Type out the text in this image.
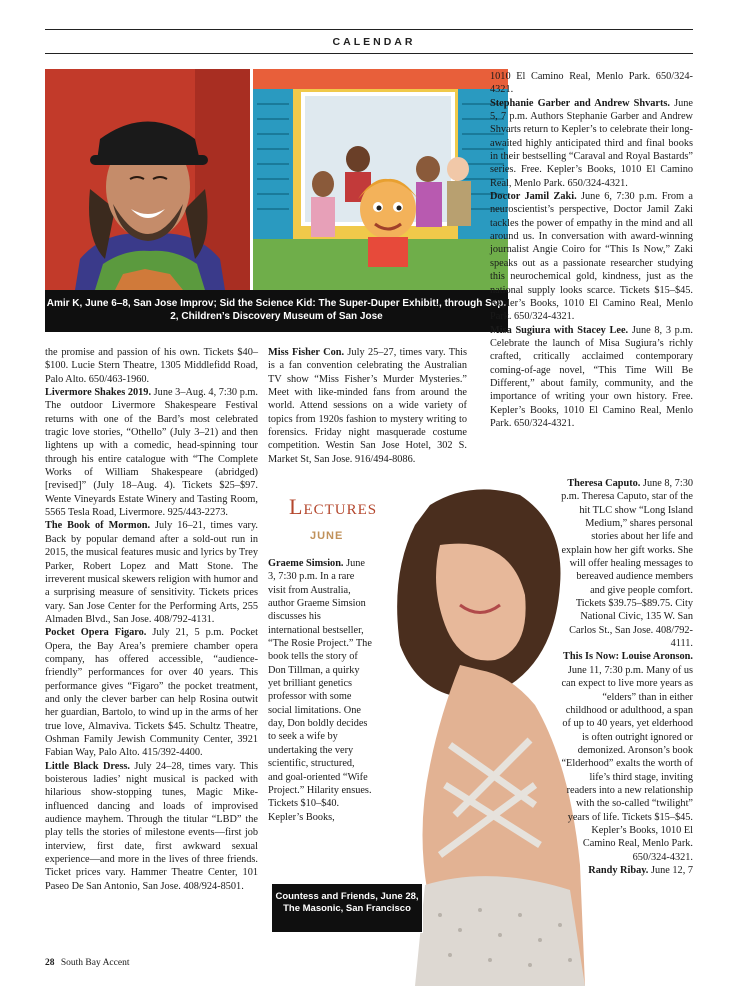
CALENDAR
Amir K, June 6–8, San Jose Improv; Sid the Science Kid: The Super-Duper Exhibit!, through Sep. 2, Children’s Discovery Museum of San Jose

the promise and passion of his own. Tickets $40–$100. Lucie Stern Theatre, 1305 Middlefidd Road, Palo Alto. 650/463-1960.

Livermore Shakes 2019. June 3–Aug. 4, 7:30 p.m. The outdoor Livermore Shakespeare Festival returns with one of the Bard’s most celebrated tragic love stories, “Othello” (July 3–21) and then lightens up with a comedic, head-spinning tour through his entire catalogue with “The Complete Works of William Shakespeare (abridged)[revised]” (July 18–Aug. 4). Tickets $25–$97. Wente Vineyards Estate Winery and Tasting Room, 5565 Tesla Road, Livermore. 925/443-2273.

The Book of Mormon. July 16–21, times vary. Back by popular demand after a sold-out run in 2015, the musical features music and lyrics by Trey Parker, Robert Lopez and Matt Stone. The irreverent musical skewers religion with humor and a surprising measure of sensitivity. Tickets prices vary. San Jose Center for the Performing Arts, 255 Almaden Blvd., San Jose. 408/792-4131.

Pocket Opera Figaro. July 21, 5 p.m. Pocket Opera, the Bay Area’s premiere chamber opera company, has offered accessible, “audience-friendly” performances for over 40 years. This performance gives “Figaro” the pocket treatment, and only the clever barber can help Rosina outwit her guardian, Bartolo, to wind up in the arms of her true love, Almaviva. Tickets $45. Schultz Theatre, Oshman Family Jewish Community Center, 3921 Fabian Way, Palo Alto. 415/392-4400.

Little Black Dress. July 24–28, times vary. This boisterous ladies’ night musical is packed with hilarious show-stopping tunes, Magic Mike-influenced dancing and loads of improvised audience mayhem. Through the titular “LBD” the play tells the stories of milestone events—first job interview, first date, first awkward sexual experience—and more in the lives of three friends. Ticket prices vary. Hammer Theatre Center, 101 Paseo De San Antonio, San Jose. 408/924-8501.

Miss Fisher Con. July 25–27, times vary. This is a fan convention celebrating the Australian TV show “Miss Fisher’s Murder Mysteries.” Meet with like-minded fans from around the world. Attend sessions on a wide variety of topics from 1920s fashion to mystery writing to forensics. Friday night masquerade costume competition. Westin San Jose Hotel, 302 S. Market St, San Jose. 916/494-8086.

Lectures
JUNE

Graeme Simsion. June 3, 7:30 p.m. In a rare visit from Australia, author Graeme Simsion discusses his international bestseller, “The Rosie Project.” The book tells the story of Don Tillman, a quirky yet brilliant genetics professor with some social limitations. One day, Don boldly decides to seek a wife by undertaking the very scientific, structured, and goal-oriented “Wife Project.” Hilarity ensues. Tickets $10–$40. Kepler’s Books,

1010 El Camino Real, Menlo Park. 650/324-4321.

Stephanie Garber and Andrew Shvarts. June 5, 7 p.m. Authors Stephanie Garber and Andrew Shvarts return to Kepler’s to celebrate their long-awaited highly anticipated third and final books in their bestselling “Caraval and Royal Bastards” series. Free. Kepler’s Books, 1010 El Camino Real, Menlo Park. 650/324-4321.

Doctor Jamil Zaki. June 6, 7:30 p.m. From a neuroscientist’s perspective, Doctor Jamil Zaki tackles the power of empathy in the mind and all around us. In conversation with award-winning journalist Angie Coiro for “This Is Now,” Zaki speaks out as a passionate researcher studying this neurochemical gold, kindness, just as the national supply looks scarce. Tickets $15–$45. Kepler’s Books, 1010 El Camino Real, Menlo Park. 650/324-4321.

Misa Sugiura with Stacey Lee. June 8, 3 p.m. Celebrate the launch of Misa Sugiura’s richly crafted, critically acclaimed contemporary coming-of-age novel, “This Time Will Be Different,” about family, community, and the importance of writing your own history. Free. Kepler’s Books, 1010 El Camino Real, Menlo Park. 650/324-4321.

Theresa Caputo. June 8, 7:30 p.m. Theresa Caputo, star of the hit TLC show “Long Island Medium,” shares personal stories about her life and explain how her gift works. She will offer healing messages to bereaved audience members and give people comfort. Tickets $39.75–$89.75. City National Civic, 135 W. San Carlos St., San Jose. 408/792-4111.

This Is Now: Louise Aronson. June 11, 7:30 p.m. Many of us can expect to live more years as “elders” than in either childhood or adulthood, a span of up to 40 years, yet elderhood is often outright ignored or demonized. Aronson’s book “Elderhood” exalts the worth of life’s third stage, inviting readers into a new relationship with the so-called “twilight” years of life. Tickets $15–$45. Kepler’s Books, 1010 El Camino Real, Menlo Park. 650/324-4321.

Randy Ribay. June 12, 7

Countess and Friends, June 28, The Masonic, San Francisco
28 South Bay Accent
